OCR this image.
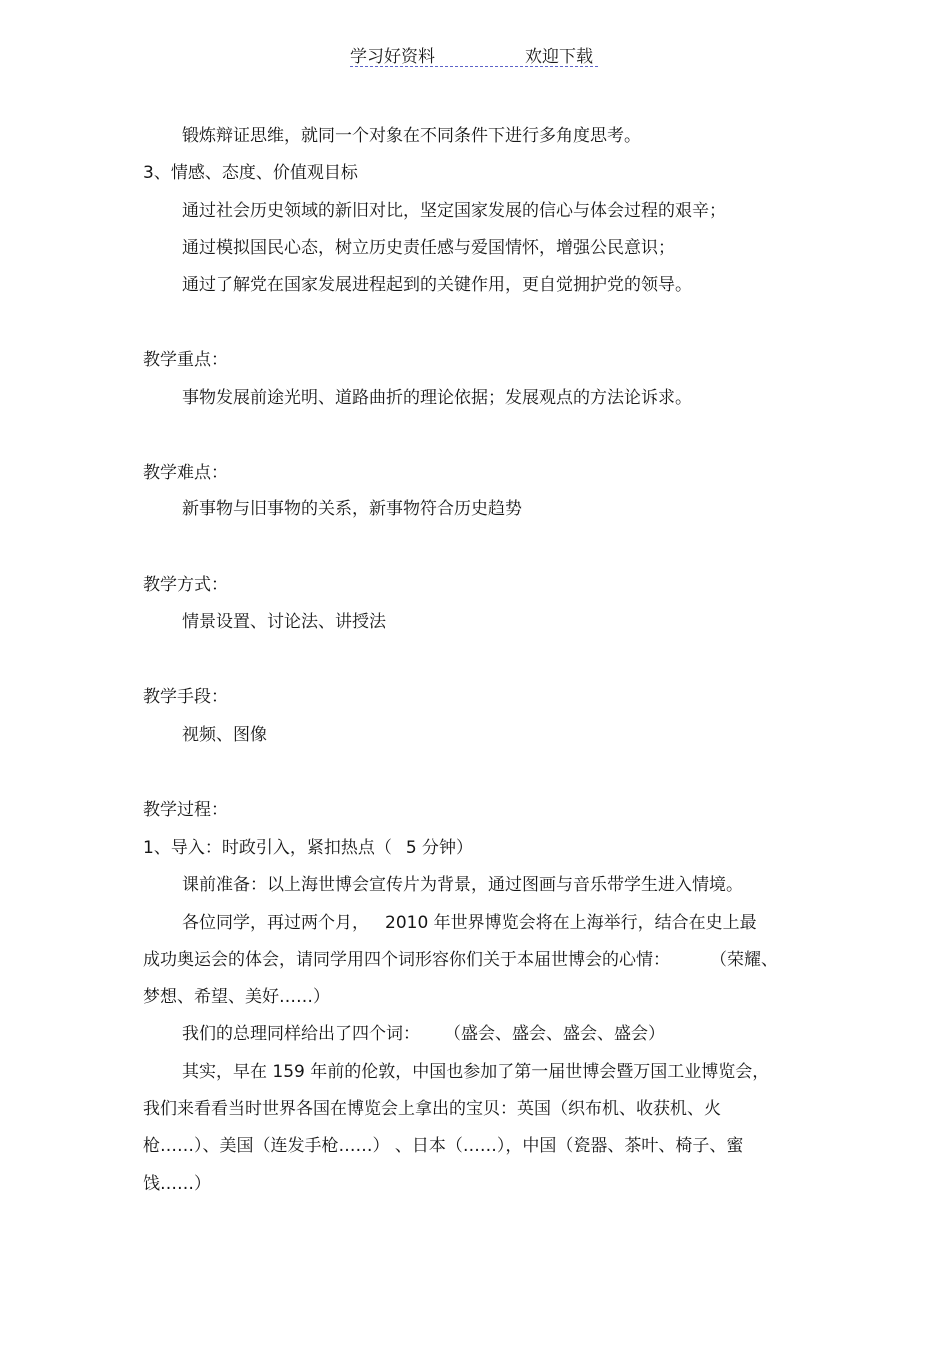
学习好资料	欢迎下载
锻炼辩证思维，就同一个对象在不同条件下进行多角度思考。
3、情感、态度、价值观目标
通过社会历史领域的新旧对比，坚定国家发展的信心与体会过程的艰辛；
通过模拟国民心态，树立历史责任感与爱国情怀，增强公民意识；
通过了解党在国家发展进程起到的关键作用，更自觉拥护党的领导。
教学重点：
事物发展前途光明、道路曲折的理论依据；发展观点的方法论诉求。
教学难点：
新事物与旧事物的关系，新事物符合历史趋势
教学方式：
情景设置、讨论法、讲授法
教学手段：
视频、图像
教学过程：
1、导入：时政引入，紧扣热点（ 5 分钟）
课前准备：以上海世博会宣传片为背景，通过图画与音乐带学生进入情境。
各位同学，再过两个月， 2010 年世界博览会将在上海举行，结合在史上最
成功奥运会的体会，请同学用四个词形容你们关于本届世博会的心情： （荣耀、
梦想、希望、美好……）
我们的总理同样给出了四个词： （盛会、盛会、盛会、盛会）
其实，早在 159 年前的伦敦，中国也参加了第一届世博会暨万国工业博览会，
我们来看看当时世界各国在博览会上拿出的宝贝：英国（织布机、收获机、火
枪……）、美国（连发手枪……） 、日本（……），中国（瓷器、茶叶、椅子、蜜
饯……）
